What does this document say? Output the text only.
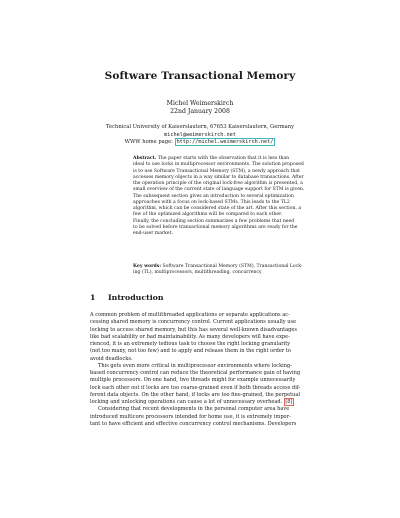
Software Transactional Memory
Michel Weimerskirch
22nd January 2008
Technical University of Kaiserslautern, 67653 Kaiserslautern, Germany
michel@weimerskirch.net
WWW home page: http://michel.weimerskirch.net/

Abstract. The paper starts with the observation that it is less than

ideal to use locks in multiprocessor environments. The solution proposed

is to use Software Transactional Memory (STM), a newly approach that

accesses memory objects in a way similar to database transactions. After

the operation principle of the original lock-free algorithm is presented, a

small overview of the current state of language support for STM is given.

The subsequent section gives an introduction to several optimization

approaches with a focus on lock-based STMs. This leads to the TL2

algorithm, which can be considered state of the art. After this section, a

few of the optimized algorithms will be compared to each other.

Finally, the concluding section summarizes a few problems that need

to be solved before transactional memory algorithms are ready for the

end-user market.

Key words: Software Transactional Memory (STM), Transactional Lock-

ing (TL), multiprocessors, multithreading, concurrency

1 Introduction

A common problem of multithreaded applications or separate applications ac-

cessing shared memory is concurrency control. Current applications usually use

locking to access shared memory, but this has several well-known disadvantages

like bad scalability or bad maintainability. As many developers will have expe-

rienced, it is an extremely tedious task to choose the right locking granularity

(not too many, not too few) and to apply and release them in the right order to

avoid deadlocks.

This gets even more critical in multiprocessor environments where locking-

based concurrency control can reduce the theoretical performance gain of having

multiple processors. On one hand, two threads might for example unnecessarily

lock each other out if locks are too coarse-grained even if both threads access dif-

ferent data objects. On the other hand, if locks are too fine-grained, the perpetual

locking and unlocking operations can cause a lot of unnecessary overhead. [8]

Considering that recent developments in the personal computer area have

introduced multicore processors intended for home use, it is extremely impor-

tant to have efficient and effective concurrency control mechanisms. Developers
